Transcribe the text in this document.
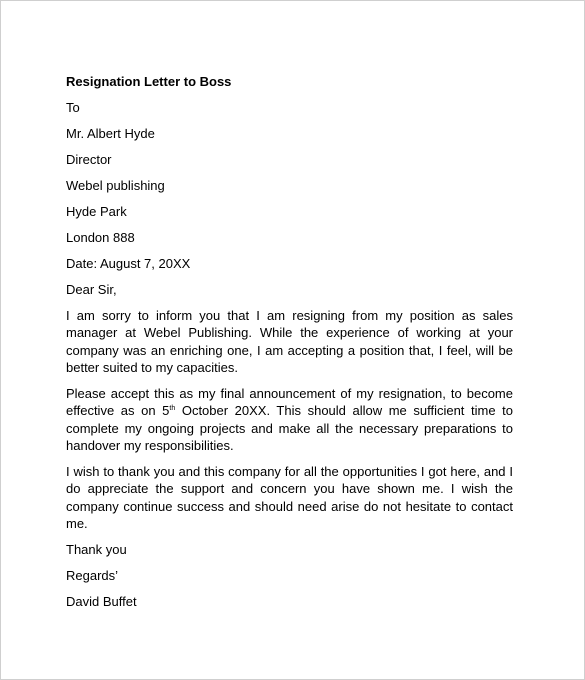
Resignation Letter to Boss
To
Mr. Albert Hyde
Director
Webel publishing
Hyde Park
London 888
Date: August 7, 20XX
Dear Sir,
I am sorry to inform you that I am resigning from my position as sales manager at Webel Publishing. While the experience of working at your company was an enriching one, I am accepting a position that, I feel, will be better suited to my capacities.
Please accept this as my final announcement of my resignation, to become effective as on 5th October 20XX. This should allow me sufficient time to complete my ongoing projects and make all the necessary preparations to handover my responsibilities.
I wish to thank you and this company for all the opportunities I got here, and I do appreciate the support and concern you have shown me. I wish the company continue success and should need arise do not hesitate to contact me.
Thank you
Regards’
David Buffet
